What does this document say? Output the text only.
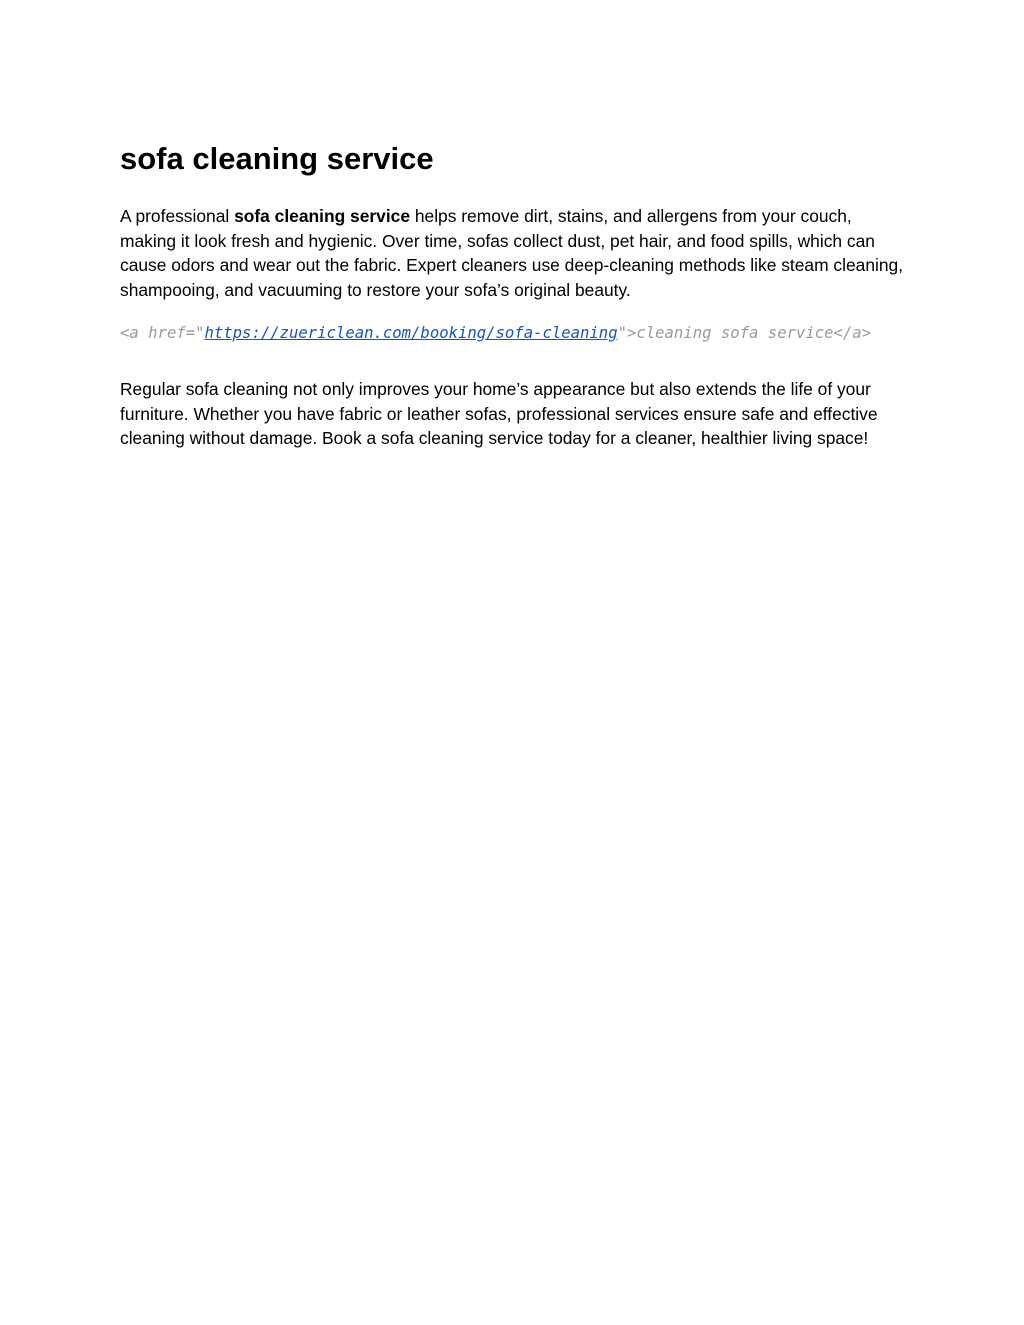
sofa cleaning service

A professional sofa cleaning service helps remove dirt, stains, and allergens from your couch, making it look fresh and hygienic. Over time, sofas collect dust, pet hair, and food spills, which can cause odors and wear out the fabric. Expert cleaners use deep-cleaning methods like steam cleaning, shampooing, and vacuuming to restore your sofa’s original beauty.

<a href="https://zuericlean.com/booking/sofa-cleaning">cleaning sofa service</a>

Regular sofa cleaning not only improves your home’s appearance but also extends the life of your furniture. Whether you have fabric or leather sofas, professional services ensure safe and effective cleaning without damage. Book a sofa cleaning service today for a cleaner, healthier living space!
